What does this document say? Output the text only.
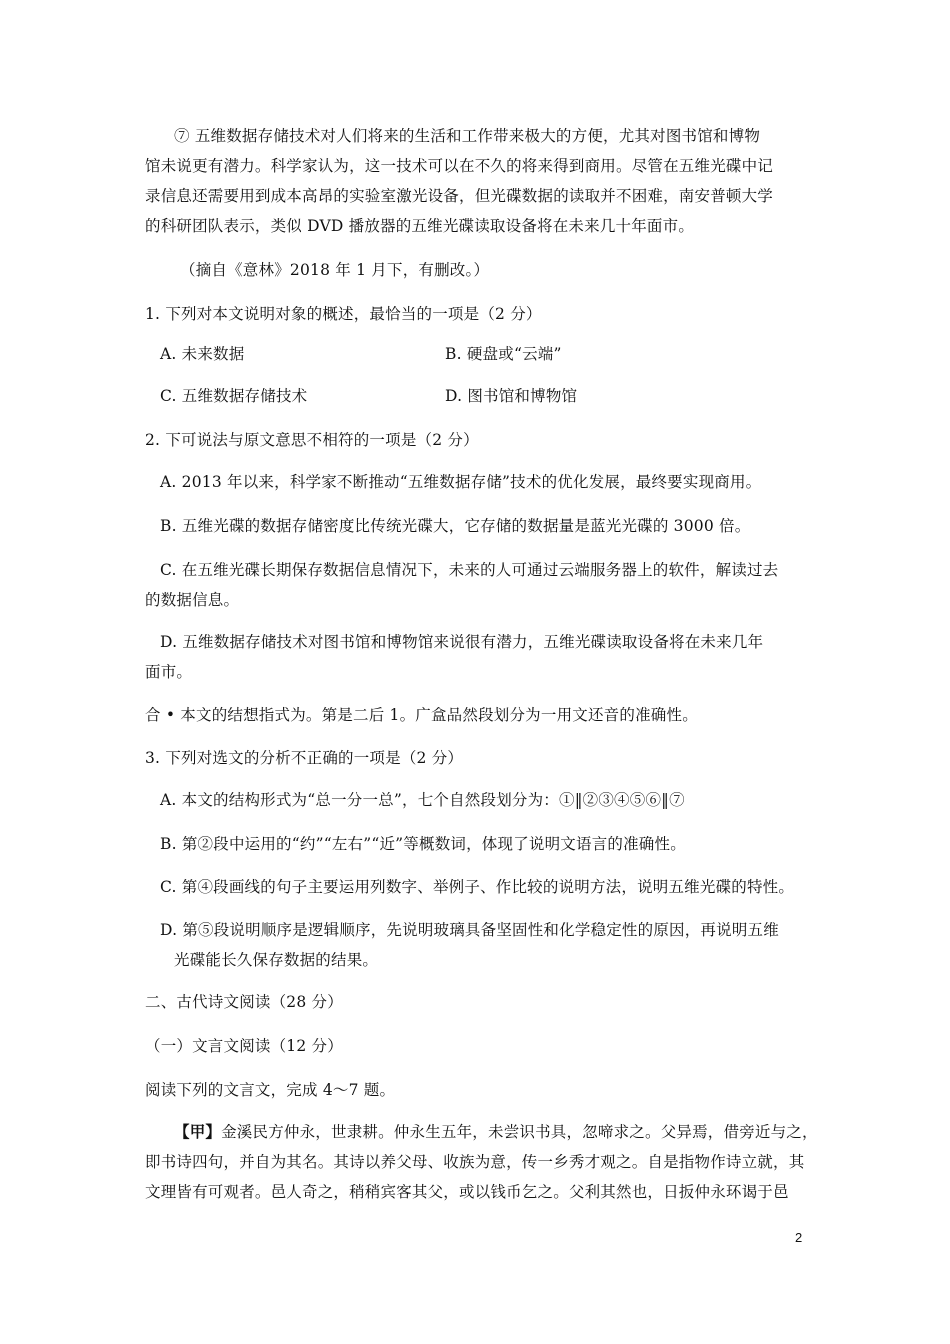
⑦ 五维数据存储技术对人们将来的生活和工作带来极大的方便，尤其对图书馆和博物
馆未说更有潜力。科学家认为，这一技术可以在不久的将来得到商用。尽管在五维光碟中记
录信息还需要用到成本高昂的实验室激光设备，但光碟数据的读取并不困难，南安普顿大学
的科研团队表示，类似 DVD 播放器的五维光碟读取设备将在未来几十年面市。
（摘自《意林》2018 年 1 月下，有删改。）
1. 下列对本文说明对象的概述，最恰当的一项是（2 分）
A. 未来数据	B. 硬盘或“云端”
C. 五维数据存储技术	D. 图书馆和博物馆
2. 下可说法与原文意思不相符的一项是（2 分）
A. 2013 年以来，科学家不断推动“五维数据存储”技术的优化发展，最终要实现商用。
B. 五维光碟的数据存储密度比传统光碟大，它存储的数据量是蓝光光碟的 3000 倍。
C. 在五维光碟长期保存数据信息情况下，未来的人可通过云端服务器上的软件，解读过去
的数据信息。
D. 五维数据存储技术对图书馆和博物馆来说很有潜力，五维光碟读取设备将在未来几年
面市。
合 • 本文的结想指式为。第是二后 1。广盒品然段划分为一用文还音的准确性。
3. 下列对选文的分析不正确的一项是（2 分）
A. 本文的结构形式为“总一分一总”，七个自然段划分为：①‖②③④⑤⑥‖⑦
B. 第②段中运用的“约”“左右”“近”等概数词，体现了说明文语言的准确性。
C. 第④段画线的句子主要运用列数字、举例子、作比较的说明方法，说明五维光碟的特性。
D. 第⑤段说明顺序是逻辑顺序，先说明玻璃具备坚固性和化学稳定性的原因，再说明五维
光碟能长久保存数据的结果。
二、古代诗文阅读（28 分）
（一）文言文阅读（12 分）
阅读下列的文言文，完成 4～7 题。
【甲】金溪民方仲永，世隶耕。仲永生五年，未尝识书具，忽啼求之。父异焉，借旁近与之，
即书诗四句，并自为其名。其诗以养父母、收族为意，传一乡秀才观之。自是指物作诗立就，其
文理皆有可观者。邑人奇之，稍稍宾客其父，或以钱币乞之。父利其然也，日扳仲永环谒于邑
2
